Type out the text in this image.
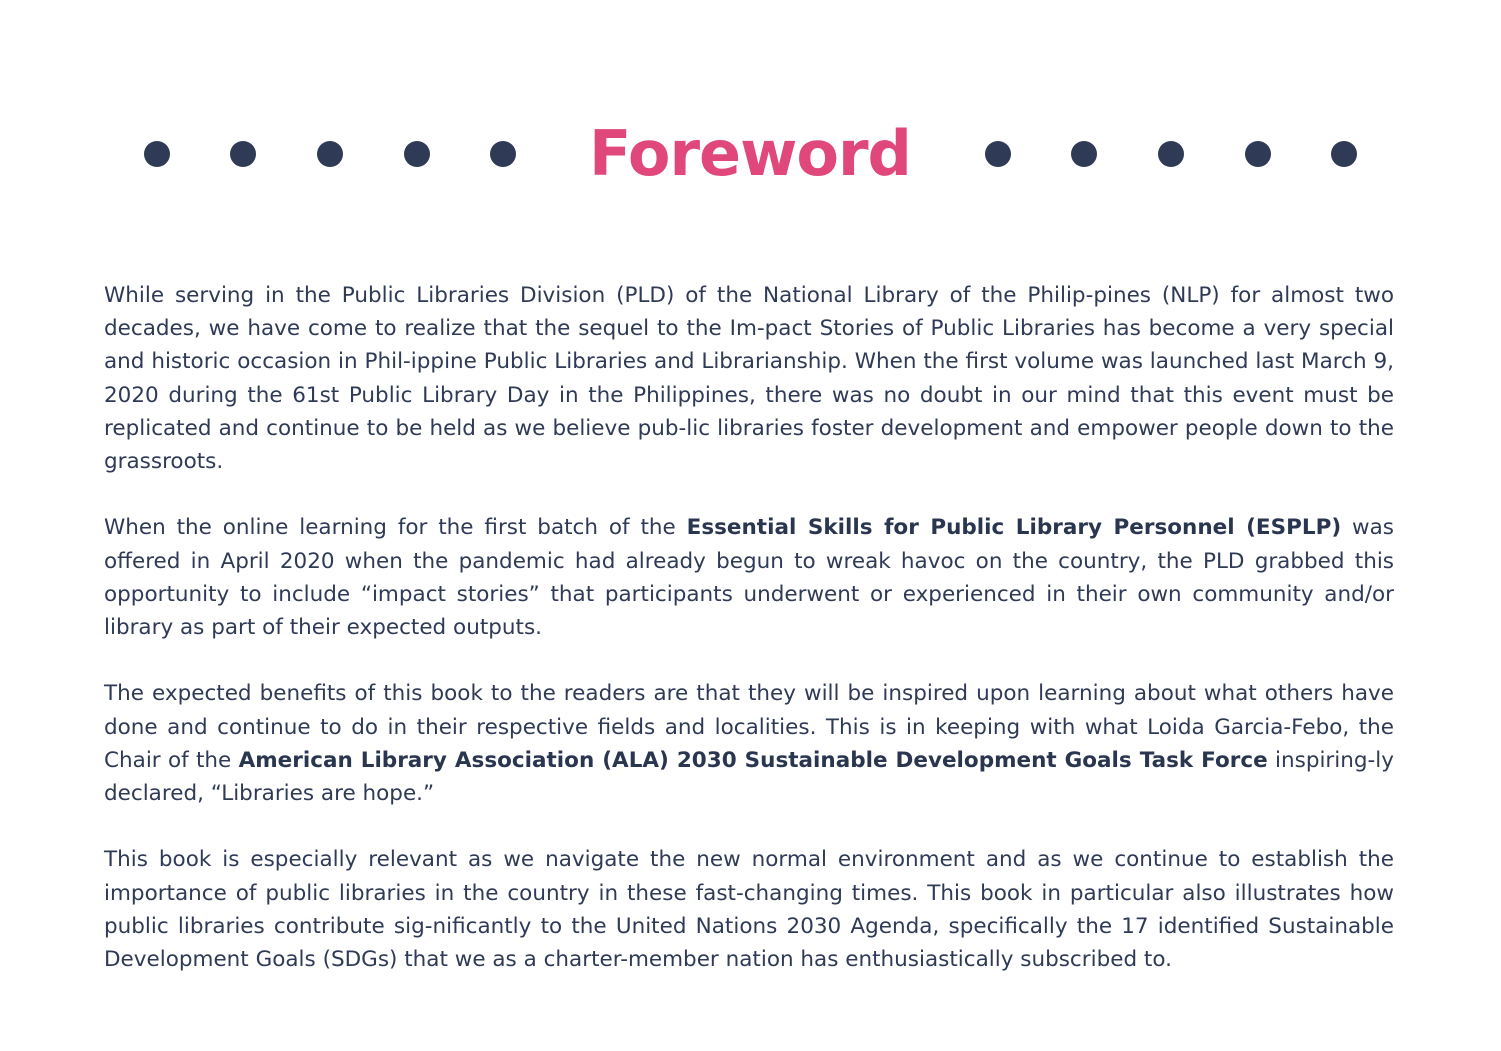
Foreword

While serving in the Public Libraries Division (PLD) of the National Library of the Philip-pines (NLP) for almost two decades, we have come to realize that the sequel to the Im-pact Stories of Public Libraries has become a very special and historic occasion in Phil-ippine Public Libraries and Librarianship. When the first volume was launched last March 9, 2020 during the 61st Public Library Day in the Philippines, there was no doubt in our mind that this event must be replicated and continue to be held as we believe pub-lic libraries foster development and empower people down to the grassroots.

When the online learning for the first batch of the Essential Skills for Public Library Personnel (ESPLP) was offered in April 2020 when the pandemic had already begun to wreak havoc on the country, the PLD grabbed this opportunity to include “impact stories” that participants underwent or experienced in their own community and/or library as part of their expected outputs.

The expected benefits of this book to the readers are that they will be inspired upon learning about what others have done and continue to do in their respective fields and localities. This is in keeping with what Loida Garcia-Febo, the Chair of the American Library Association (ALA) 2030 Sustainable Development Goals Task Force inspiring-ly declared, “Libraries are hope.”

This book is especially relevant as we navigate the new normal environment and as we continue to establish the importance of public libraries in the country in these fast-changing times. This book in particular also illustrates how public libraries contribute sig-nificantly to the United Nations 2030 Agenda, specifically the 17 identified Sustainable Development Goals (SDGs) that we as a charter-member nation has enthusiastically subscribed to.
